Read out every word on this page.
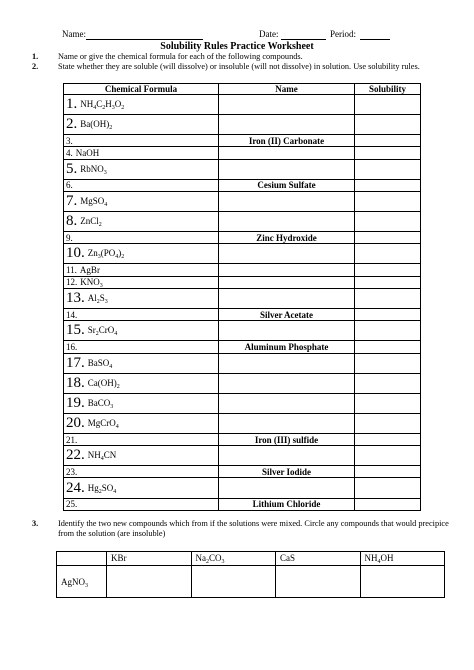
Name:	Date:	Period:
Solubility Rules Practice Worksheet
1. Name or give the chemical formula for each of the following compounds.
2. State whether they are soluble (will dissolve) or insoluble (will not dissolve) in solution. Use solubility rules.
Chemical Formula	Name	Solubility
1. $NH_4C_2H_3O_2$		
2. $Ba(OH)_2$		
3.	Iron (II) Carbonate	
4. NaOH		
5. RbNO$_3$		
6.	Cesium Sulfate	
7. MgSO$_4$		
8. ZnCl$_2$		
9.	Zinc Hydroxide	
10. $Zn_3(PO_4)_2$		
11. AgBr		
12. $KNO_3$		
13. $Al_2S_3$		
14.	Silver Acetate	
15. $Sr_2CrO_4$		
16.	Aluminum Phosphate	
17. BaSO$_4$		
18. $Ca(OH)_2$		
19. BaCO$_3$		
20. MgCrO$_4$		
21.	Iron (III) sulfide	
22. $NH_4CN$		
23.	Silver Iodide	
24. $Hg_2SO_4$		
25.	Lithium Chloride	
3. Identify the two new compounds which from if the solutions were mixed. Circle any compounds that would precipice from the solution (are insoluble)
	KBr	$Na_2CO_3$	CaS	$NH_4OH$
AgNO$_3$				
